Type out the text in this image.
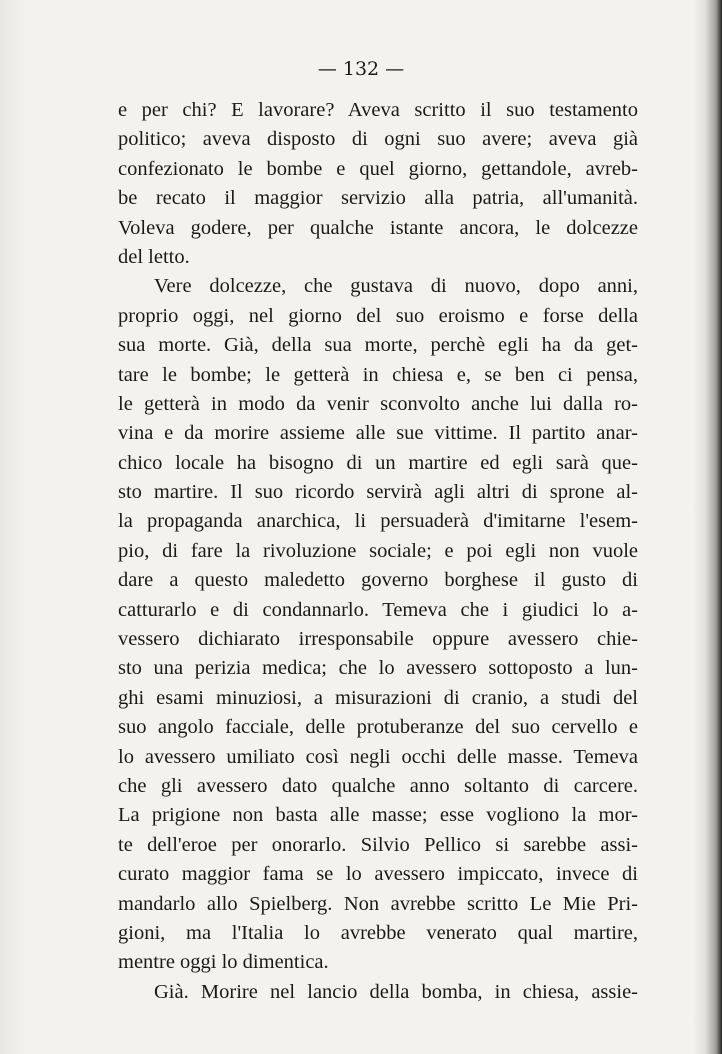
— 132 —
e per chi? E lavorare? Aveva scritto il suo testamento
politico; aveva disposto di ogni suo avere; aveva già
confezionato le bombe e quel giorno, gettandole, avreb-
be recato il maggior servizio alla patria, all'umanità.
Voleva godere, per qualche istante ancora, le dolcezze
del letto.
Vere dolcezze, che gustava di nuovo, dopo anni,
proprio oggi, nel giorno del suo eroismo e forse della
sua morte. Già, della sua morte, perchè egli ha da get-
tare le bombe; le getterà in chiesa e, se ben ci pensa,
le getterà in modo da venir sconvolto anche lui dalla ro-
vina e da morire assieme alle sue vittime. Il partito anar-
chico locale ha bisogno di un martire ed egli sarà que-
sto martire. Il suo ricordo servirà agli altri di sprone al-
la propaganda anarchica, li persuaderà d'imitarne l'esem-
pio, di fare la rivoluzione sociale; e poi egli non vuole
dare a questo maledetto governo borghese il gusto di
catturarlo e di condannarlo. Temeva che i giudici lo a-
vessero dichiarato irresponsabile oppure avessero chie-
sto una perizia medica; che lo avessero sottoposto a lun-
ghi esami minuziosi, a misurazioni di cranio, a studi del
suo angolo facciale, delle protuberanze del suo cervello e
lo avessero umiliato così negli occhi delle masse. Temeva
che gli avessero dato qualche anno soltanto di carcere.
La prigione non basta alle masse; esse vogliono la mor-
te dell'eroe per onorarlo. Silvio Pellico si sarebbe assi-
curato maggior fama se lo avessero impiccato, invece di
mandarlo allo Spielberg. Non avrebbe scritto Le Mie Pri-
gioni, ma l'Italia lo avrebbe venerato qual martire,
mentre oggi lo dimentica.
Già. Morire nel lancio della bomba, in chiesa, assie-
